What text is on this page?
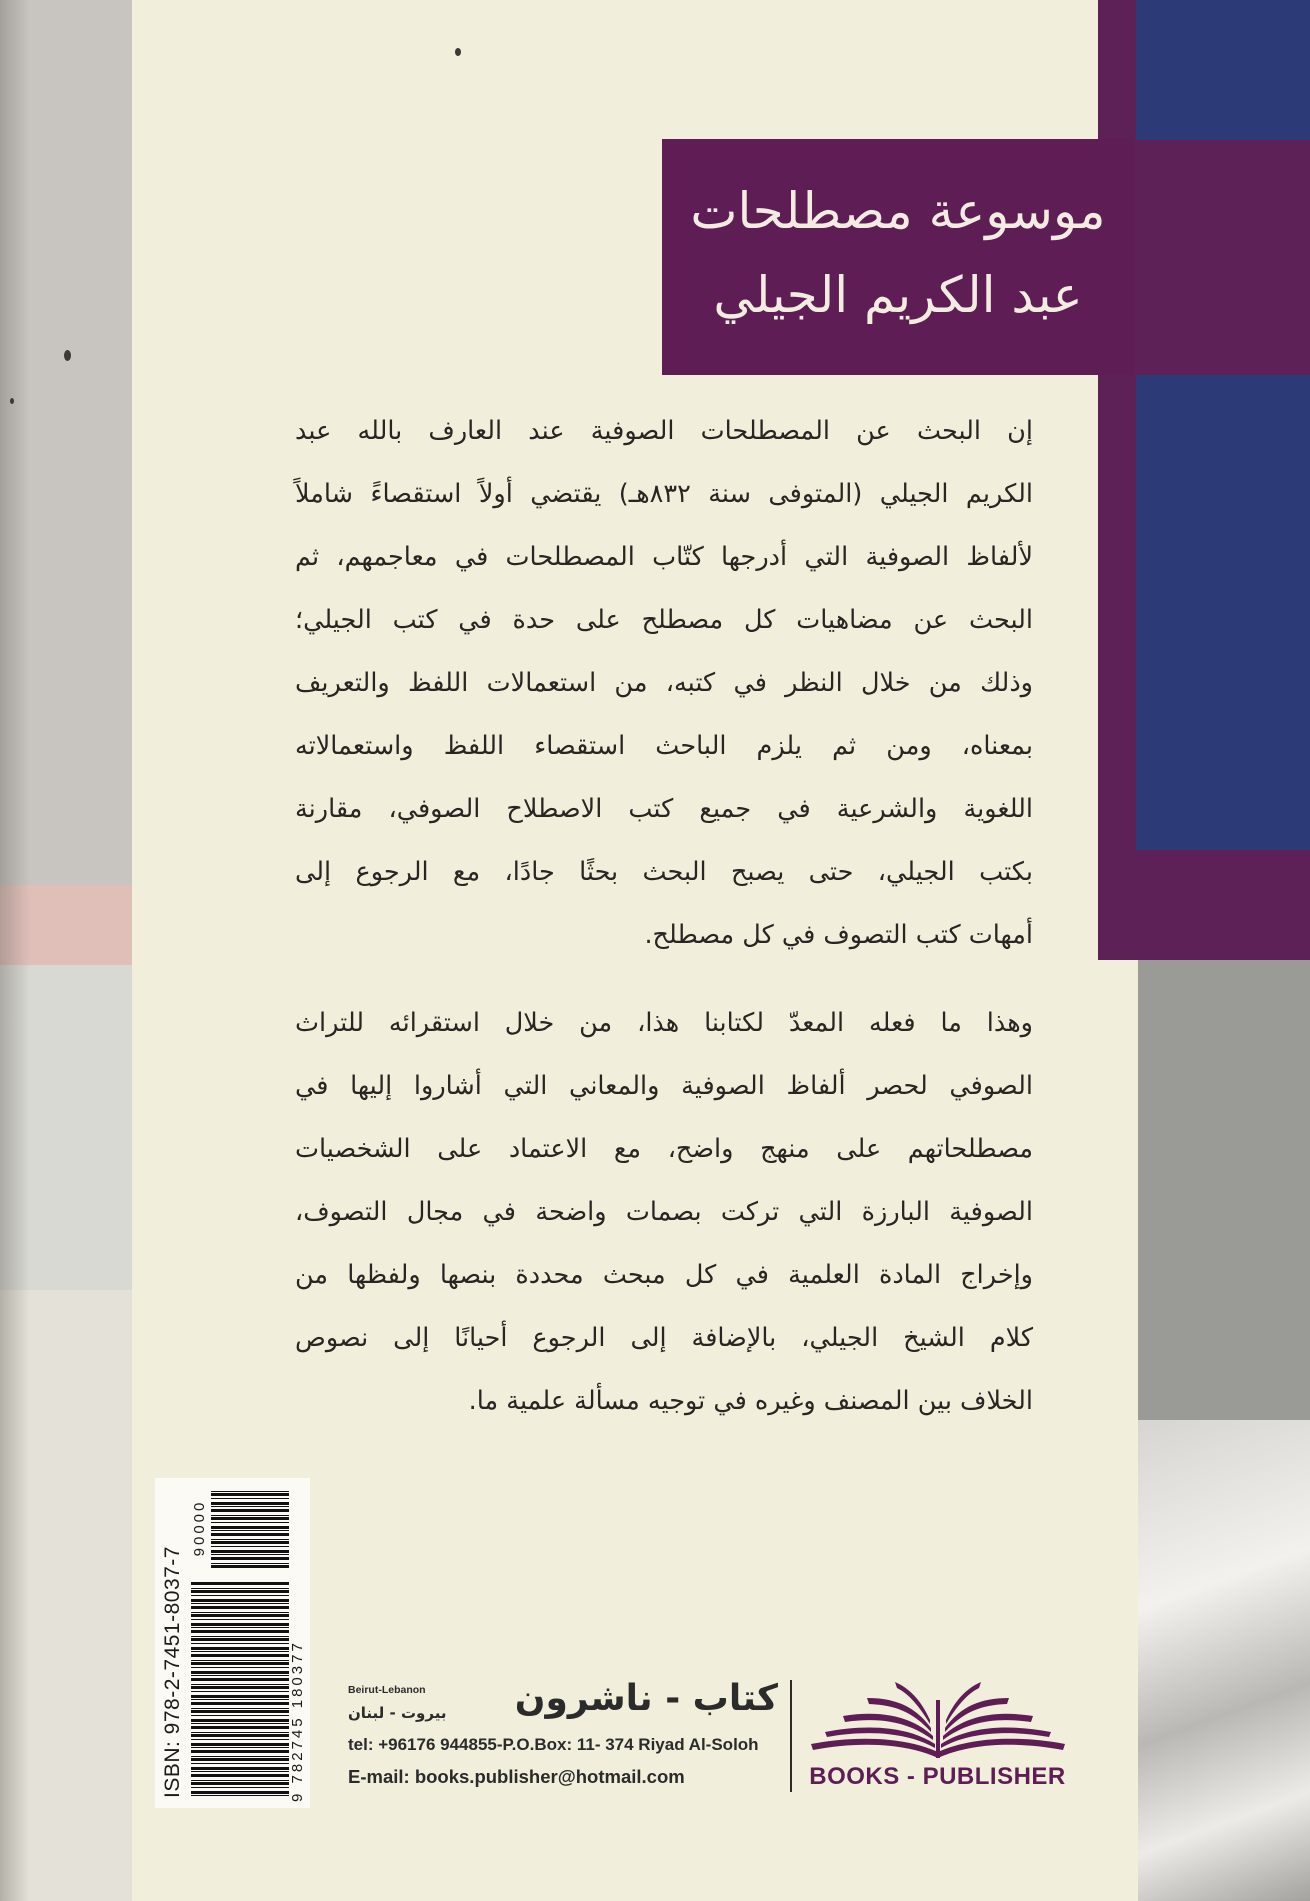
موسوعة مصطلحات
عبد الكريم الجيلي
إن البحث عن المصطلحات الصوفية عند العارف بالله عبد
الكريم الجيلي (المتوفى سنة ٨٣٢هـ) يقتضي أولاً استقصاءً شاملاً
لألفاظ الصوفية التي أدرجها كتّاب المصطلحات في معاجمهم، ثم
البحث عن مضاهيات كل مصطلح على حدة في كتب الجيلي؛
وذلك من خلال النظر في كتبه، من استعمالات اللفظ والتعريف
بمعناه، ومن ثم يلزم الباحث استقصاء اللفظ واستعمالاته
اللغوية والشرعية في جميع كتب الاصطلاح الصوفي، مقارنة
بكتب الجيلي، حتى يصبح البحث بحثًا جادًا، مع الرجوع إلى
أمهات كتب التصوف في كل مصطلح.
وهذا ما فعله المعدّ لكتابنا هذا، من خلال استقرائه للتراث
الصوفي لحصر ألفاظ الصوفية والمعاني التي أشاروا إليها في
مصطلحاتهم على منهج واضح، مع الاعتماد على الشخصيات
الصوفية البارزة التي تركت بصمات واضحة في مجال التصوف،
وإخراج المادة العلمية في كل مبحث محددة بنصها ولفظها من
كلام الشيخ الجيلي، بالإضافة إلى الرجوع أحيانًا إلى نصوص
الخلاف بين المصنف وغيره في توجيه مسألة علمية ما.
ISBN: 978-2-7451-8037-7	9 782745 180377
90000
كتاب - ناشرون
Beirut-Lebanon
بيروت - لبنان
tel: +96176 944855-P.O.Box: 11- 374 Riyad Al-Soloh
E-mail: books.publisher@hotmail.com	BOOKS - PUBLISHER
